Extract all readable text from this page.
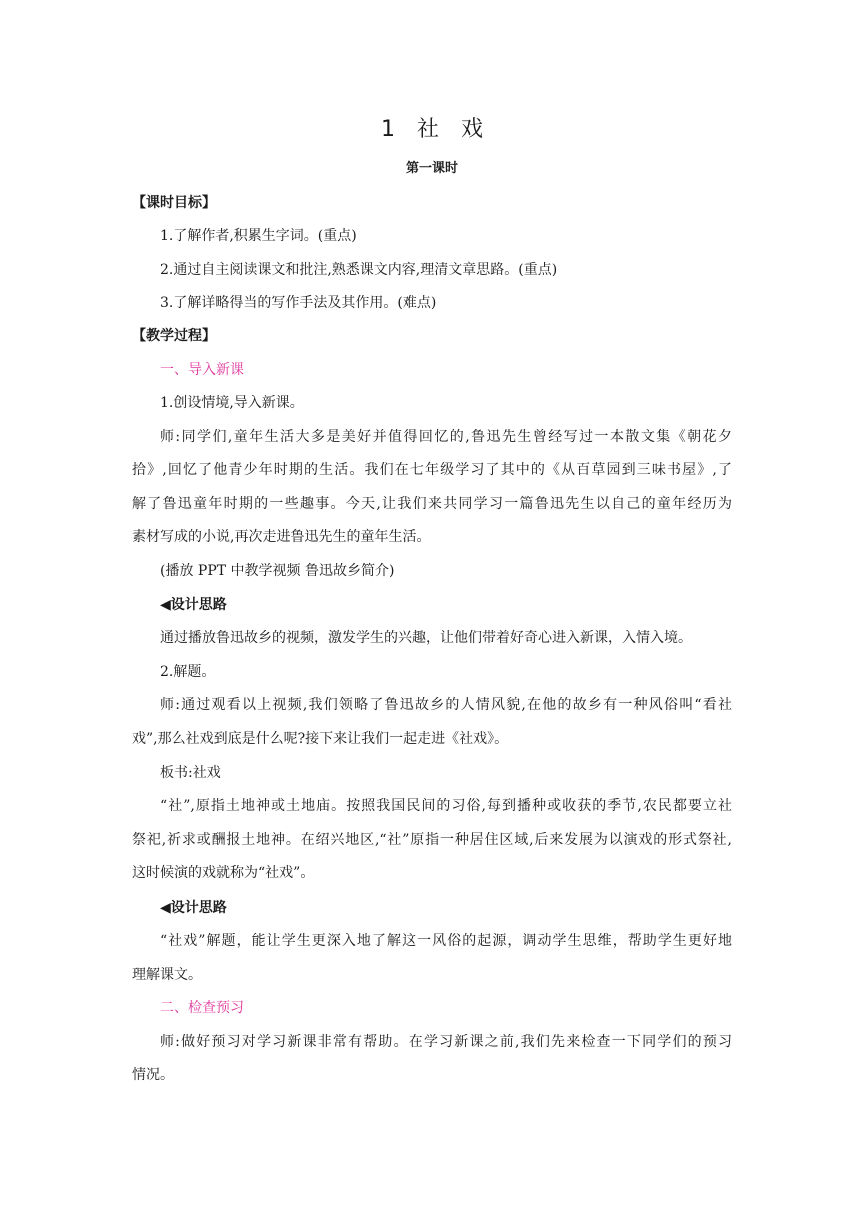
1　社　戏
第一课时
【课时目标】
1.了解作者,积累生字词。(重点)
2.通过自主阅读课文和批注,熟悉课文内容,理清文章思路。(重点)
3.了解详略得当的写作手法及其作用。(难点)
【教学过程】
一、导入新课
1.创设情境,导入新课。
师:同学们,童年生活大多是美好并值得回忆的,鲁迅先生曾经写过一本散文集《朝花夕
拾》,回忆了他青少年时期的生活。我们在七年级学习了其中的《从百草园到三味书屋》,了
解了鲁迅童年时期的一些趣事。今天,让我们来共同学习一篇鲁迅先生以自己的童年经历为
素材写成的小说,再次走进鲁迅先生的童年生活。
(播放 PPT 中教学视频 鲁迅故乡简介)
◀设计思路
通过播放鲁迅故乡的视频，激发学生的兴趣，让他们带着好奇心进入新课，入情入境。
2.解题。
师:通过观看以上视频,我们领略了鲁迅故乡的人情风貌,在他的故乡有一种风俗叫“看社
戏”,那么社戏到底是什么呢?接下来让我们一起走进《社戏》。
板书:社戏
“社”,原指土地神或土地庙。按照我国民间的习俗,每到播种或收获的季节,农民都要立社
祭祀,祈求或酬报土地神。在绍兴地区,“社”原指一种居住区域,后来发展为以演戏的形式祭社,
这时候演的戏就称为“社戏”。
◀设计思路
“社戏”解题，能让学生更深入地了解这一风俗的起源，调动学生思维，帮助学生更好地
理解课文。
二、检查预习
师:做好预习对学习新课非常有帮助。在学习新课之前,我们先来检查一下同学们的预习
情况。
